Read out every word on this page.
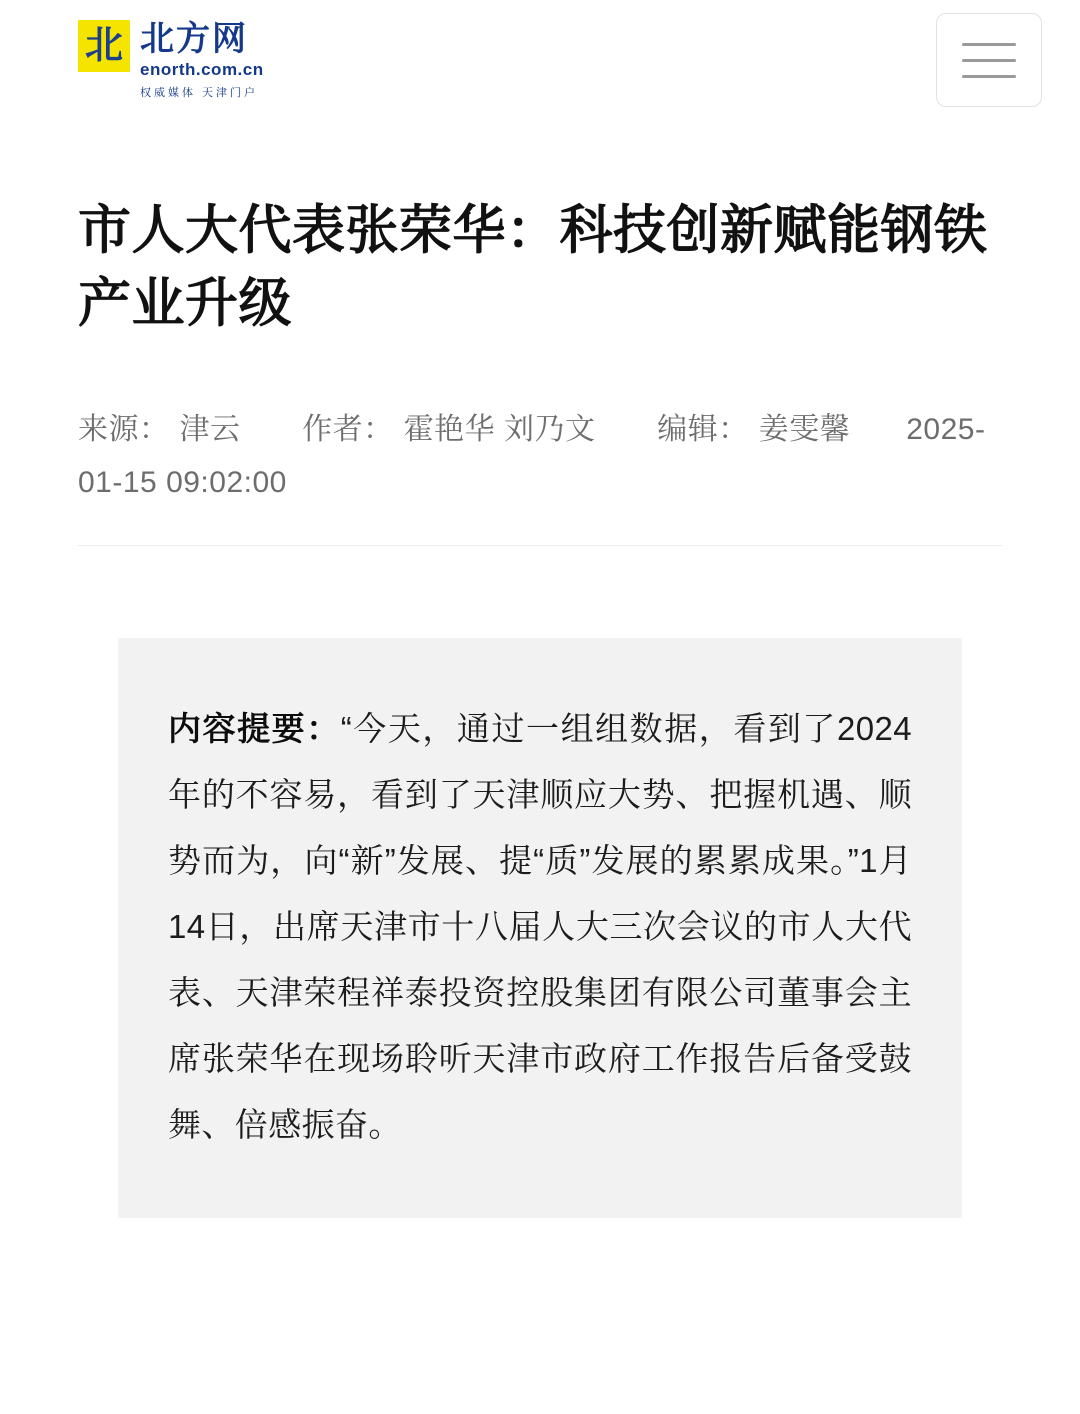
北
北方网
enorth.com.cn
权威媒体 天津门户
市人大代表张荣华：科技创新赋能钢铁产业升级
来源： 津云 作者： 霍艳华 刘乃文 编辑： 姜雯馨 2025-01-15 09:02:00

内容提要：“今天，通过一组组数据，看到了2024年的不容易，看到了天津顺应大势、把握机遇、顺势而为，向“新”发展、提“质”发展的累累成果。”1月14日，出席天津市十八届人大三次会议的市人大代表、天津荣程祥泰投资控股集团有限公司董事会主席张荣华在现场聆听天津市政府工作报告后备受鼓舞、倍感振奋。
